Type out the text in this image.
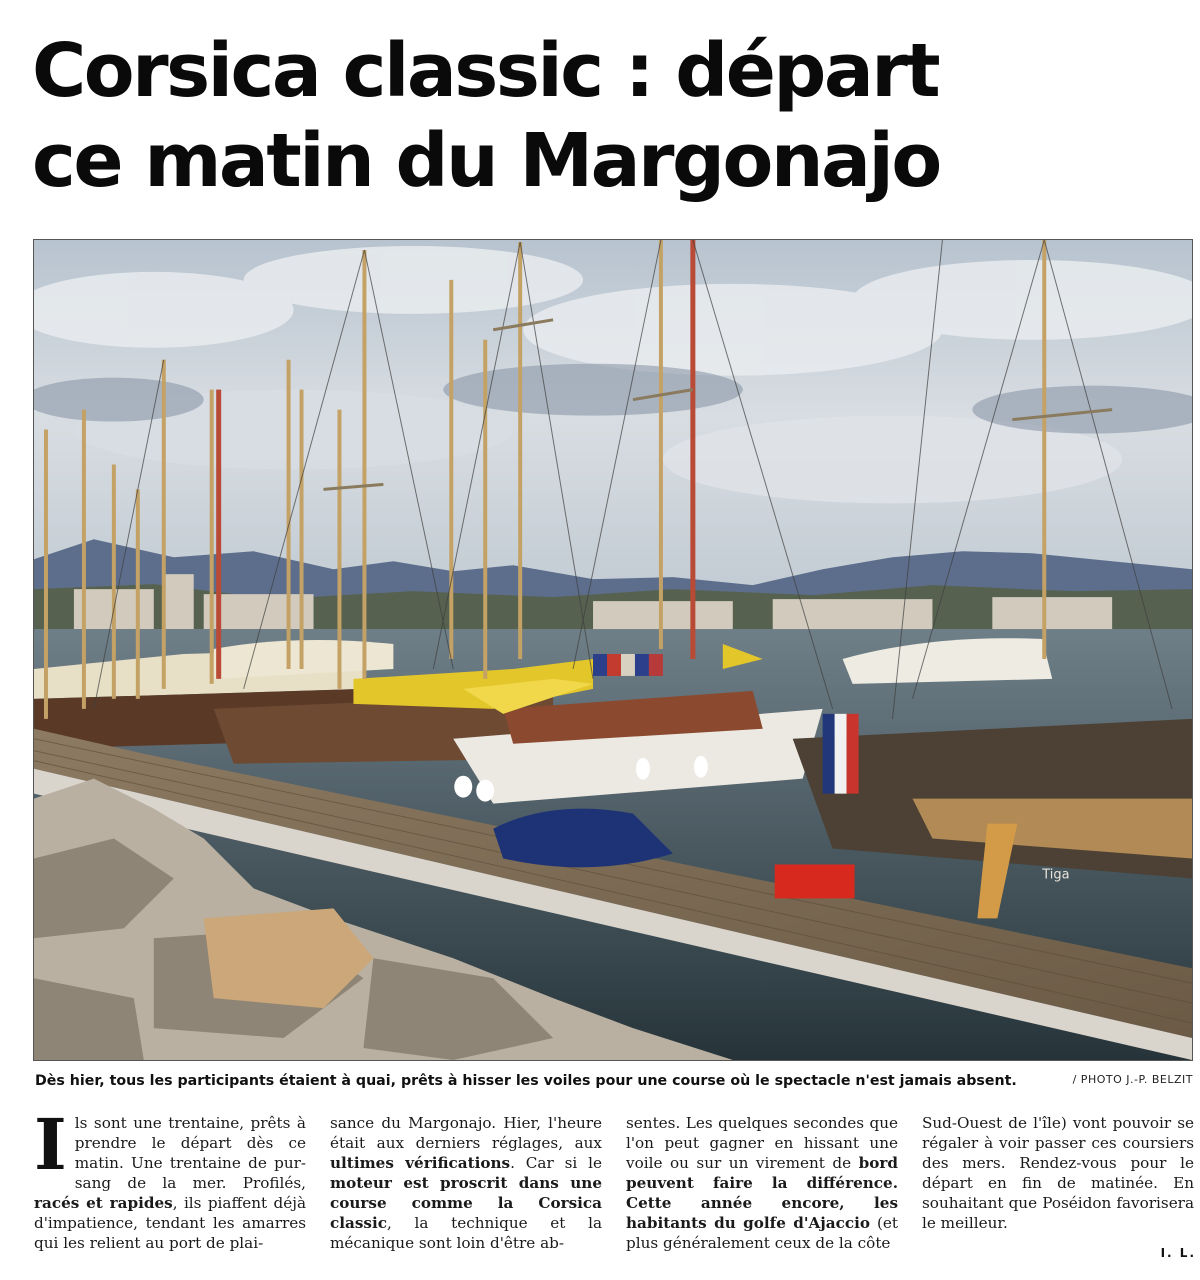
Corsica classic : départ
ce matin du Margonajo
Tiga
Dès hier, tous les participants étaient à quai, prêts à hisser les voiles pour une course où le spectacle n'est jamais absent.	/ PHOTO J.-P. BELZIT
Ils sont une trentaine, prêts à prendre le départ dès ce matin. Une trentaine de pur-sang de la mer. Profilés, racés et rapides, ils piaffent déjà d'impatience, tendant les amarres qui les relient au port de plai-
sance du Margonajo. Hier, l'heure était aux derniers réglages, aux ultimes vérifications. Car si le moteur est proscrit dans une course comme la Corsica classic, la technique et la mécanique sont loin d'être ab-
sentes. Les quelques secondes que l'on peut gagner en hissant une voile ou sur un virement de bord peuvent faire la différence. Cette année encore, les habitants du golfe d'Ajaccio (et plus généralement ceux de la côte
Sud-Ouest de l'île) vont pouvoir se régaler à voir passer ces coursiers des mers. Rendez-vous pour le départ en fin de matinée. En souhaitant que Poséidon favorisera le meilleur.
I. L.
